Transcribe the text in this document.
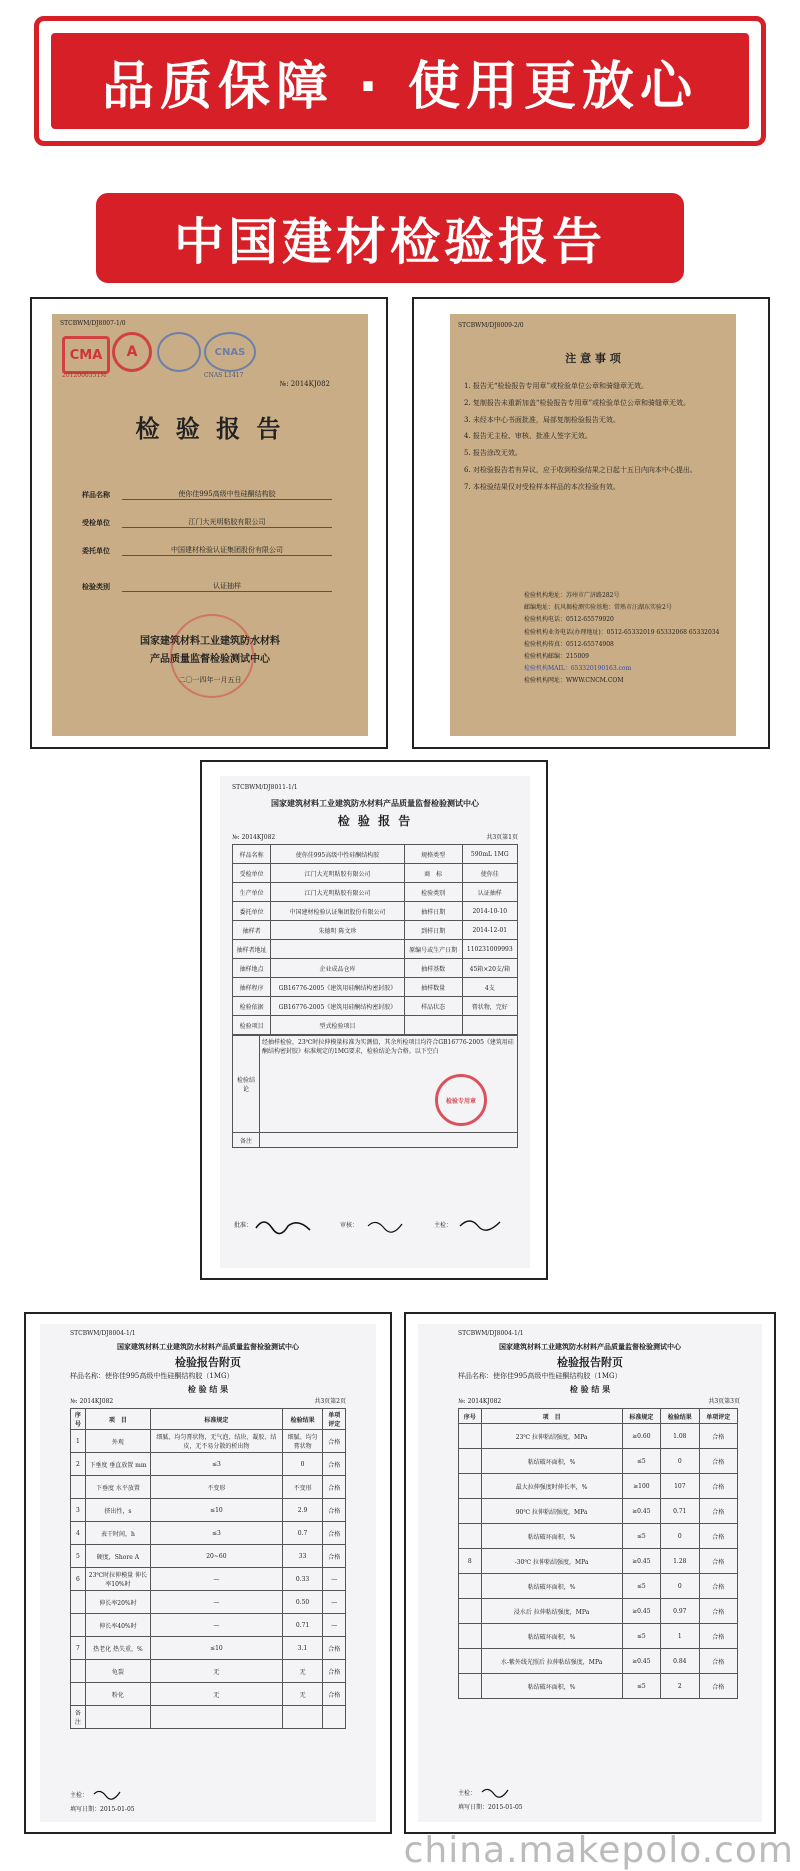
品质保障 · 使用更放心
中国建材检验报告
STCBWM/DJ8007-1/0
CMA
2012000351M
A	CNAS
CNAS L1417
№: 2014KJ082
检 验 报 告
样品名称	使你佳995高级中性硅酮结构胶
受检单位	江门大光明粘胶有限公司
委托单位	中国建材检验认证集团股份有限公司
检验类别	认证抽样
国家建筑材料工业建筑防水材料
产品质量监督检验测试中心
二〇一四年一月五日
STCBWM/DJ8009-2/0
注 意 事 项
1. 报告无“检验报告专用章”或检验单位公章和骑缝章无效。
2. 复制报告未重新加盖“检验报告专用章”或检验单位公章和骑缝章无效。
3. 未经本中心书面批准，局部复制检验报告无效。
4. 报告无主检、审核、批准人签字无效。
5. 报告涂改无效。
6. 对检验报告若有异议，应于收到检验结果之日起十五日内向本中心提出。
7. 本检验结果仅对受检样本样品的本次检验有效。
检验机构地址：苏州市广济路282号
邮编地址：抗风揭检测实验基地：常熟市汪湖东实验2号
检验机构电话：0512-65579920
检验机构业务电话(办理地址)：0512-65332019 65332068 65332034
检验机构传真：0512-65574908
检验机构邮编：215009
检验机构MAIL：653320190163.com
检验机构网址：WWW.CNCM.COM
STCBWM/DJ8011-1/1
国家建筑材料工业建筑防水材料产品质量监督检验测试中心
检 验 报 告
№: 2014KJ082	共3页第1页
样品名称	使你佳995高级中性硅酮结构胶	规格类型	590mL 1MG
受检单位	江门大光明粘胶有限公司	商　标	使你佳
生产单位	江门大光明粘胶有限公司	检验类别	认证抽样
委托单位	中国建材检验认证集团股份有限公司	抽样日期	2014-10-10
抽样者	朱德明 陈文珍	到样日期	2014-12-01
抽样者地址		原编号或生产日期	110231009993
抽样地点	企业成品仓库	抽样基数	45箱×20支/箱
抽样程序	GB16776-2005《建筑用硅酮结构密封胶》	抽样数量	4支
检验依据	GB16776-2005《建筑用硅酮结构密封胶》	样品状态	膏状物，完好
检验项目	型式检验项目		
检验结论	经抽样检验，23℃时拉伸模量标准为实测值，其余所检项目均符合GB16776-2005《建筑用硅酮结构密封胶》标准规定的1MG要求，检验结论为合格。以下空白
检验专用章

备注	
批准：	审核：	主检：
STCBWM/DJ8004-1/1
国家建筑材料工业建筑防水材料产品质量监督检验测试中心
检验报告附页
样品名称：使你佳995高级中性硅酮结构胶（1MG）
检 验 结 果
№: 2014KJ082	共3页第2页
序号	项　目	标准规定	检验结果	单项评定
1	外观	细腻、均匀膏状物，无气泡、结块、凝胶、结皮，无不易分散的析出物	细腻、均匀膏状物	合格
2	下垂度 垂直放置 mm	≤3	0	合格
	下垂度 水平放置	不变形	不变形	合格
3	挤出性，s	≤10	2.9	合格
4	表干时间，h	≤3	0.7	合格
5	硬度，Shore A	20~60	33	合格
6	23℃时拉伸模量 伸长率10%时	—	0.33	—
	伸长率20%时	—	0.50	—
	伸长率40%时	—	0.71	—
7	热老化 热失重，%	≤10	3.1	合格
	龟裂	无	无	合格
	粉化	无	无	合格
备注				
主检：
填写日期：2015-01-05
STCBWM/DJ8004-1/1
国家建筑材料工业建筑防水材料产品质量监督检验测试中心
检验报告附页
样品名称：使你佳995高级中性硅酮结构胶（1MG）
检 验 结 果
№: 2014KJ082	共3页第3页
序号	项　目	标准规定	检验结果	单项评定
	23℃ 拉伸粘结强度，MPa	≥0.60	1.08	合格
	粘结破坏面积，%	≤5	0	合格
	最大拉伸强度时伸长率，%	≥100	107	合格
	90℃ 拉伸粘结强度，MPa	≥0.45	0.71	合格
	粘结破坏面积，%	≤5	0	合格
8	-30℃ 拉伸粘结强度，MPa	≥0.45	1.28	合格
	粘结破坏面积，%	≤5	0	合格
	浸水后 拉伸粘结强度，MPa	≥0.45	0.97	合格
	粘结破坏面积，%	≤5	1	合格
	水-紫外线光照后 拉伸粘结强度，MPa	≥0.45	0.84	合格
	粘结破坏面积，%	≤5	2	合格
主检：
填写日期：2015-01-05
china.makepolo.com
